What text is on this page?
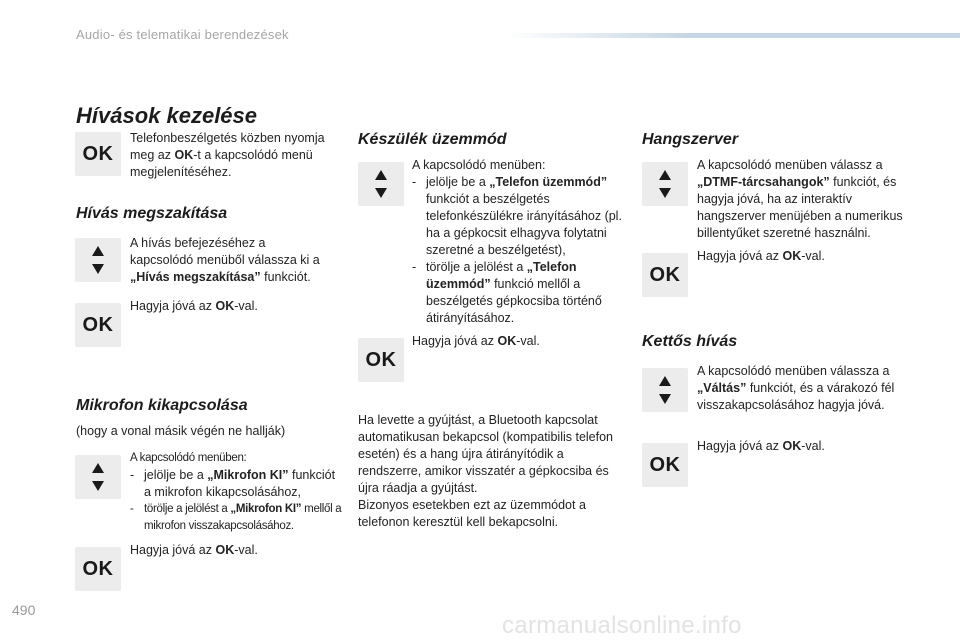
Audio- és telematikai berendezések
490
carmanualsonline.info
Hívások kezelése
OK
Telefonbeszélgetés közben nyomja meg az OK-t a kapcsolódó menü megjelenítéséhez.
Hívás megszakítása
A hívás befejezéséhez a kapcsolódó menüből válassza ki a „Hívás megszakítása” funkciót.
OK
Hagyja jóvá az OK-val.
Mikrofon kikapcsolása
(hogy a vonal másik végén ne hallják)
A kapcsolódó menüben:
- jelölje be a „Mikrofon KI” funkciót a mikrofon kikapcsolásához,
- törölje a jelölést a „Mikrofon KI” mellől a mikrofon visszakapcsolásához.
OK
Hagyja jóvá az OK-val.
Készülék üzemmód
A kapcsolódó menüben:
- jelölje be a „Telefon üzemmód” funkciót a beszélgetés telefonkészülékre irányításához (pl. ha a gépkocsit elhagyva folytatni szeretné a beszélgetést),
- törölje a jelölést a „Telefon üzemmód” funkció mellől a beszélgetés gépkocsiba történő átirányításához.
OK
Hagyja jóvá az OK-val.
Ha levette a gyújtást, a Bluetooth kapcsolat automatikusan bekapcsol (kompatibilis telefon esetén) és a hang újra átirányítódik a rendszerre, amikor visszatér a gépkocsiba és újra ráadja a gyújtást.
Bizonyos esetekben ezt az üzemmódot a telefonon keresztül kell bekapcsolni.
Hangszerver
A kapcsolódó menüben válassz a „DTMF-tárcsahangok” funkciót, és hagyja jóvá, ha az interaktív hangszerver menüjében a numerikus billentyűket szeretné használni.
OK
Hagyja jóvá az OK-val.
Kettős hívás
A kapcsolódó menüben válassza a „Váltás” funkciót, és a várakozó fél visszakapcsolásához hagyja jóvá.
OK
Hagyja jóvá az OK-val.
